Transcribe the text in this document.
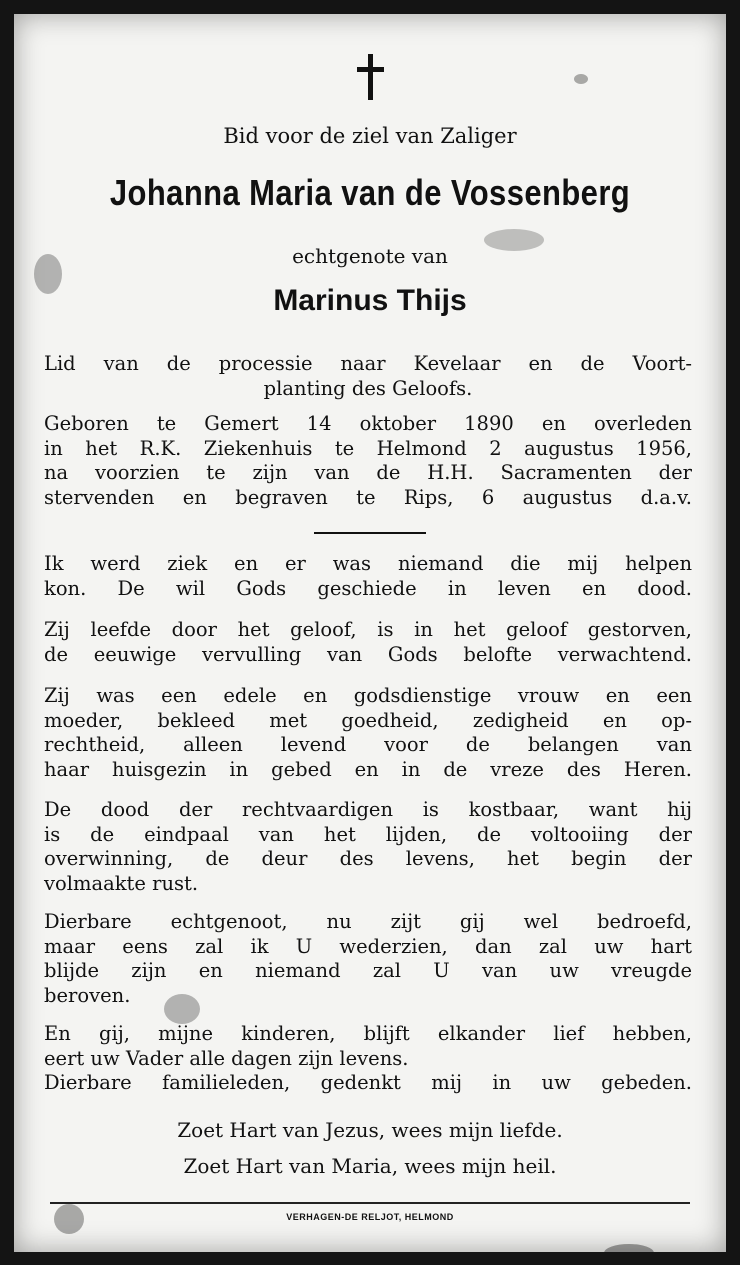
Bid voor de ziel van Zaliger
Johanna Maria van de Vossenberg
echtgenote van
Marinus Thijs
Lid van de processie naar Kevelaar en de Voort-
planting des Geloofs.
Geboren te Gemert 14 oktober 1890 en overleden
in het R.K. Ziekenhuis te Helmond 2 augustus 1956,
na voorzien te zijn van de H.H. Sacramenten der
stervenden en begraven te Rips, 6 augustus d.a.v.
Ik werd ziek en er was niemand die mij helpen
kon. De wil Gods geschiede in leven en dood.
Zij leefde door het geloof, is in het geloof gestorven,
de eeuwige vervulling van Gods belofte verwachtend.
Zij was een edele en godsdienstige vrouw en een
moeder, bekleed met goedheid, zedigheid en op-
rechtheid, alleen levend voor de belangen van
haar huisgezin in gebed en in de vreze des Heren.
De dood der rechtvaardigen is kostbaar, want hij
is de eindpaal van het lijden, de voltooiing der
overwinning, de deur des levens, het begin der
volmaakte rust.
Dierbare echtgenoot, nu zijt gij wel bedroefd,
maar eens zal ik U wederzien, dan zal uw hart
blijde zijn en niemand zal U van uw vreugde
beroven.
En gij, mijne kinderen, blijft elkander lief hebben,
eert uw Vader alle dagen zijn levens.
Dierbare familieleden, gedenkt mij in uw gebeden.
Zoet Hart van Jezus, wees mijn liefde.
Zoet Hart van Maria, wees mijn heil.
VERHAGEN-DE RELJOT, HELMOND
